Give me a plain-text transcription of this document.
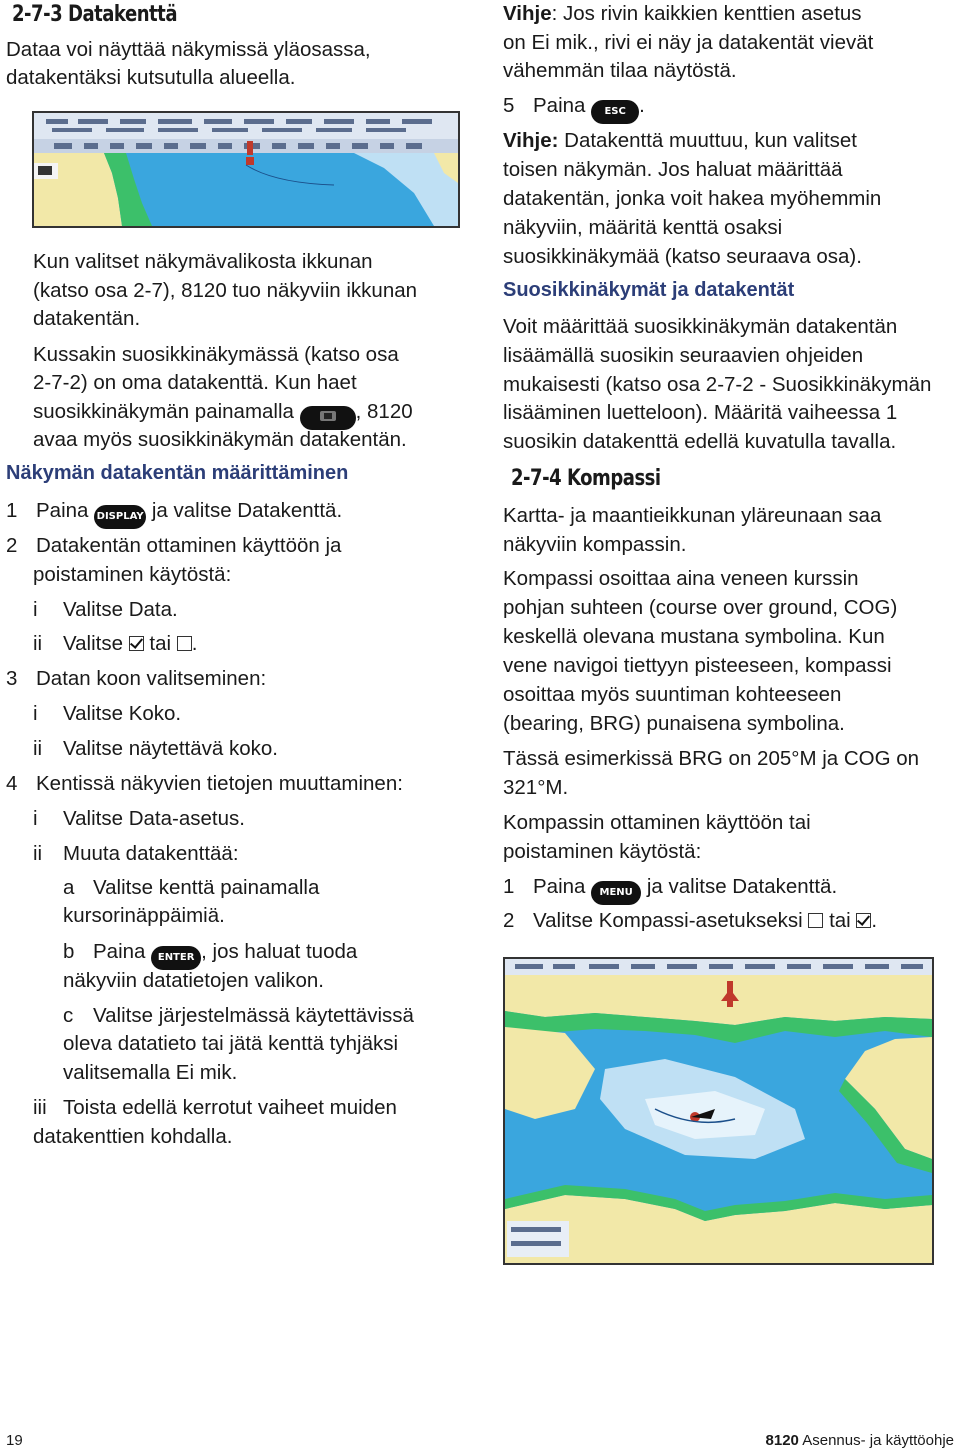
2-7-3 Datakenttä
Dataa voi näyttää näkymissä yläosassa,
datakentäksi kutsutulla alueella.
Kun valitset näkymävalikosta ikkunan
(katso osa 2-7), 8120 tuo näkyviin ikkunan
datakentän.
Kussakin suosikkinäkymässä (katso osa
2-7-2) on oma datakenttä. Kun haet
suosikkinäkymän painamalla	, 8120
avaa myös suosikkinäkymän datakentän.
Näkymän datakentän määrittäminen
1 Paina DISPLAY ja valitse Datakenttä.
2 Datakentän ottaminen käyttöön ja
poistaminen käytöstä:
i Valitse Data.
ii Valitse tai .
3 Datan koon valitseminen:
i Valitse Koko.
ii Valitse näytettävä koko.
4 Kentissä näkyvien tietojen muuttaminen:
i Valitse Data-asetus.
ii Muuta datakenttää:
a Valitse kenttä painamalla
kursorinäppäimiä.
b Paina ENTER , jos haluat tuoda
näkyviin datatietojen valikon.
c Valitse järjestelmässä käytettävissä
oleva datatieto tai jätä kenttä tyhjäksi
valitsemalla Ei mik.
iii Toista edellä kerrotut vaiheet muiden
datakenttien kohdalla.
Vihje: Jos rivin kaikkien kenttien asetus
on Ei mik., rivi ei näy ja datakentät vievät
vähemmän tilaa näytöstä.
5 Paina ESC .
Vihje: Datakenttä muuttuu, kun valitset
toisen näkymän. Jos haluat määrittää
datakentän, jonka voit hakea myöhemmin
näkyviin, määritä kenttä osaksi
suosikkinäkymää (katso seuraava osa).
Suosikkinäkymät ja datakentät
Voit määrittää suosikkinäkymän datakentän
lisäämällä suosikin seuraavien ohjeiden
mukaisesti (katso osa 2-7-2 - Suosikkinäkymän
lisääminen luetteloon). Määritä vaiheessa 1
suosikin datakenttä edellä kuvatulla tavalla.
2-7-4 Kompassi
Kartta- ja maantieikkunan yläreunaan saa
näkyviin kompassin.
Kompassi osoittaa aina veneen kurssin
pohjan suhteen (course over ground, COG)
keskellä olevana mustana symbolina. Kun
vene navigoi tiettyyn pisteeseen, kompassi
osoittaa myös suuntiman kohteeseen
(bearing, BRG) punaisena symbolina.
Tässä esimerkissä BRG on 205°M ja COG on
321°M.
Kompassin ottaminen käyttöön tai
poistaminen käytöstä:
1 Paina MENU ja valitse Datakenttä.
2 Valitse Kompassi-asetukseksi tai .
19	8120 Asennus- ja käyttöohje
